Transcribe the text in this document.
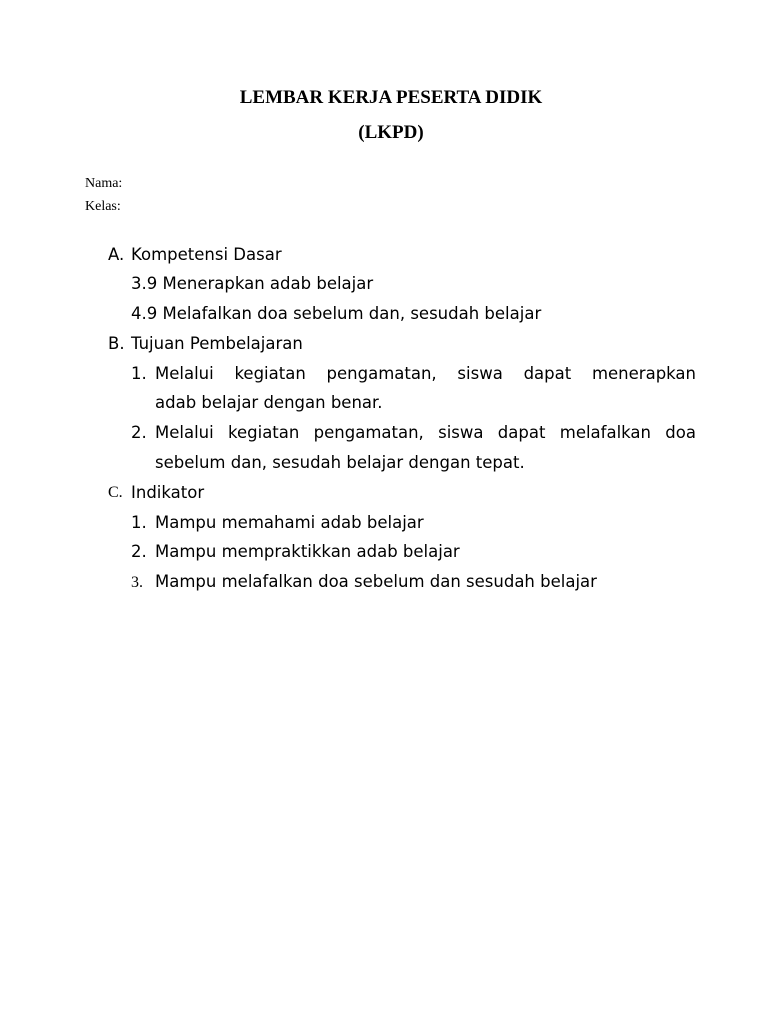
LEMBAR KERJA PESERTA DIDIK
(LKPD)
Nama:
Kelas:
A. Kompetensi Dasar
3.9 Menerapkan adab belajar
4.9 Melafalkan doa sebelum dan, sesudah belajar
B. Tujuan Pembelajaran
1. Melalui kegiatan pengamatan, siswa dapat menerapkan
adab belajar dengan benar.
2. Melalui kegiatan pengamatan, siswa dapat melafalkan doa
sebelum dan, sesudah belajar dengan tepat.
C. Indikator
1. Mampu memahami adab belajar
2. Mampu mempraktikkan adab belajar
3. Mampu melafalkan doa sebelum dan sesudah belajar
